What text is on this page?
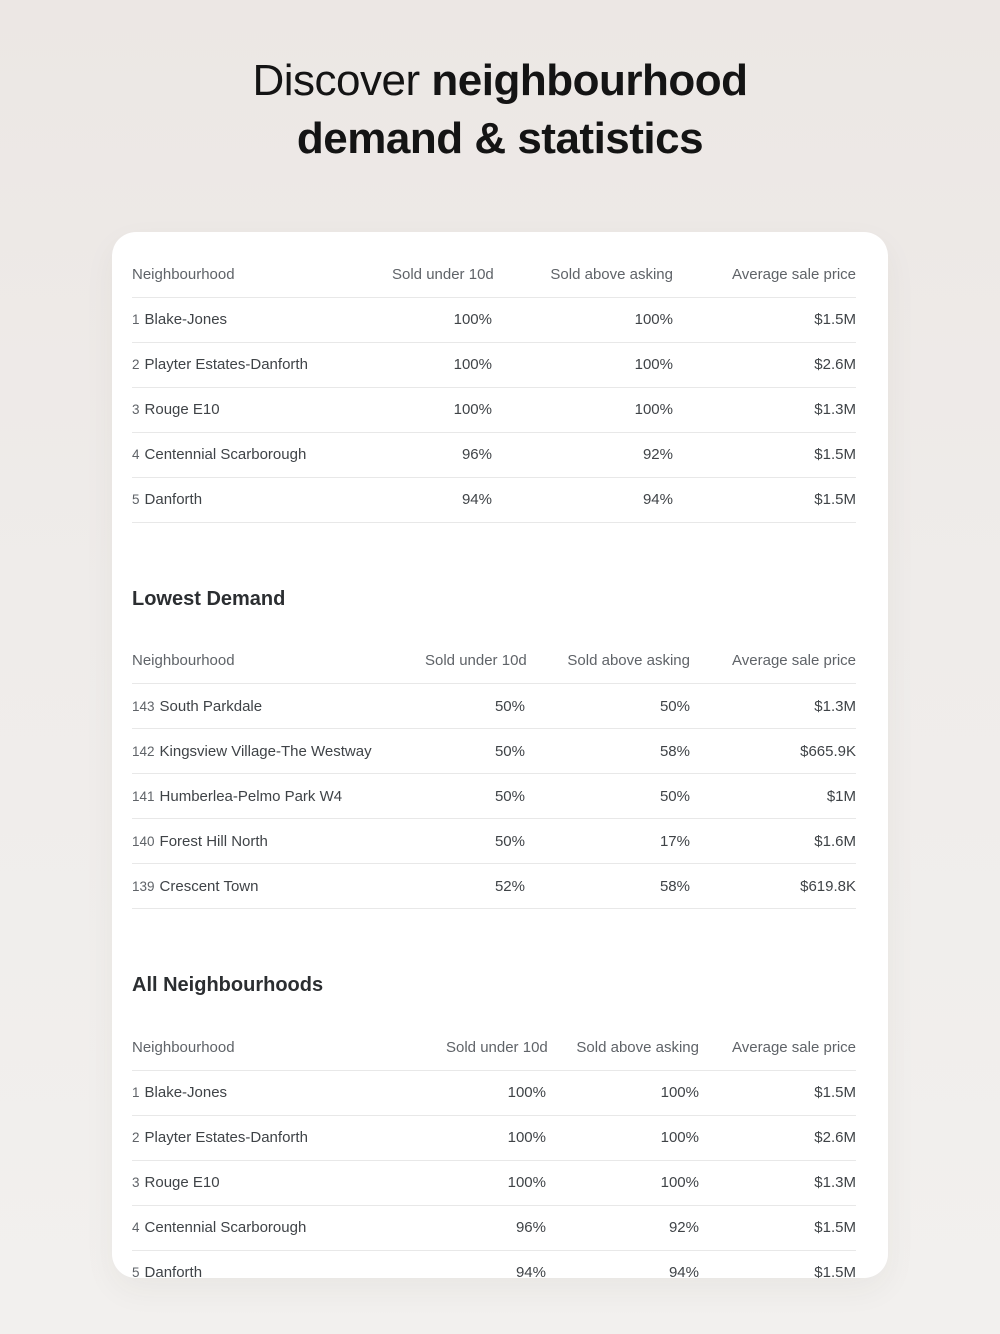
Discover neighbourhood
demand & statistics
Neighbourhood	Sold under 10d	Sold above asking	Average sale price
1 Blake-Jones	100%	100%	$1.5M
2 Playter Estates-Danforth	100%	100%	$2.6M
3 Rouge E10	100%	100%	$1.3M
4 Centennial Scarborough	96%	92%	$1.5M
5 Danforth	94%	94%	$1.5M
Lowest Demand
Neighbourhood	Sold under 10d	Sold above asking	Average sale price
143 South Parkdale	50%	50%	$1.3M
142 Kingsview Village-The Westway	50%	58%	$665.9K
141 Humberlea-Pelmo Park W4	50%	50%	$1M
140 Forest Hill North	50%	17%	$1.6M
139 Crescent Town	52%	58%	$619.8K
All Neighbourhoods
Neighbourhood	Sold under 10d	Sold above asking	Average sale price
1 Blake-Jones	100%	100%	$1.5M
2 Playter Estates-Danforth	100%	100%	$2.6M
3 Rouge E10	100%	100%	$1.3M
4 Centennial Scarborough	96%	92%	$1.5M
5 Danforth	94%	94%	$1.5M
